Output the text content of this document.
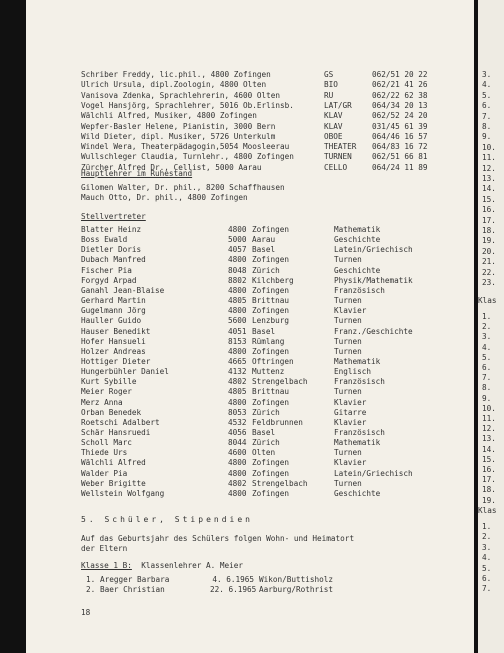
Schriber Freddy, lic.phil., 4800 Zofingen	GS	062/51 20 22
Ulrich Ursula, dipl.Zoologin, 4800 Olten	BIO	062/21 41 26
Vanisova Zdenka, Sprachlehrerin, 4600 Olten	RU	062/22 62 38
Vogel Hansjörg, Sprachlehrer, 5016 Ob.Erlinsb.	LAT/GR	064/34 20 13
Wälchli Alfred, Musiker, 4800 Zofingen	KLAV	062/52 24 20
Wepfer-Basler Helene, Pianistin, 3000 Bern	KLAV	031/45 61 39
Wild Dieter, dipl. Musiker, 5726 Unterkulm	OBOE	064/46 16 57
Windel Wera, Theaterpädagogin,5054 Moosleerau	THEATER 064/83 16 72
Wullschleger Claudia, Turnlehr., 4800 Zofingen	TURNEN	062/51 66 81
Zürcher Alfred Dr., Cellist, 5000 Aarau	CELLO	064/24 11 89
Hauptlehrer im Ruhestand
Gilomen Walter, Dr. phil., 8200 Schaffhausen
Mauch Otto, Dr. phil., 4800 Zofingen
Stellvertreter
Blatter Heinz	4800 Zofingen	Mathematik
Boss Ewald	5000 Aarau	Geschichte
Dietler Doris	4057 Basel	Latein/Griechisch
Dubach Manfred	4800 Zofingen	Turnen
Fischer Pia	8048 Zürich	Geschichte
Forgyd Arpad	8802 Kilchberg	Physik/Mathematik
Ganahl Jean-Blaise	4800 Zofingen	Französisch
Gerhard Martin	4805 Brittnau	Turnen
Gugelmann Jörg	4800 Zofingen	Klavier
Hauller Guido	5600 Lenzburg	Turnen
Hauser Benedikt	4051 Basel	Franz./Geschichte
Hofer Hansueli	8153 Rümlang	Turnen
Holzer Andreas	4800 Zofingen	Turnen
Hottiger Dieter	4665 Oftringen	Mathematik
Hungerbühler Daniel	4132 Muttenz	Englisch
Kurt Sybille	4802 Strengelbach	Französisch
Meier Roger	4805 Brittnau	Turnen
Merz Anna	4800 Zofingen	Klavier
Orban Benedek	8053 Zürich	Gitarre
Roetschi Adalbert	4532 Feldbrunnen	Klavier
Schär Hansruedi	4056 Basel	Französisch
Scholl Marc	8044 Zürich	Mathematik
Thiede Urs	4600 Olten	Turnen
Wälchli Alfred	4800 Zofingen	Klavier
Walder Pia	4800 Zofingen	Latein/Griechisch
Weber Brigitte	4802 Strengelbach	Turnen
Wellstein Wolfgang	4800 Zofingen	Geschichte
5. Schüler, Stipendien
Auf das Geburtsjahr des Schülers folgen Wohn- und Heimatort
der Eltern
Klasse 1 B: Klassenlehrer A. Meier
1. Aregger Barbara	4. 6.1965 Wikon/Buttisholz
2. Baer Christian	22. 6.1965 Aarburg/Rothrist
18
3.
4.
5.
6.
7.
8.
9.
10.
11.
12.
13.
14.
15.
16.
17.
18.
19.
20.
21.
22.
23.
Klas
1.
2.
3.
4.
5.
6.
7.
8.
9.
10.
11.
12.
13.
14.
15.
16.
17.
18.
19.
Klas
1.
2.
3.
4.
5.
6.
7.
